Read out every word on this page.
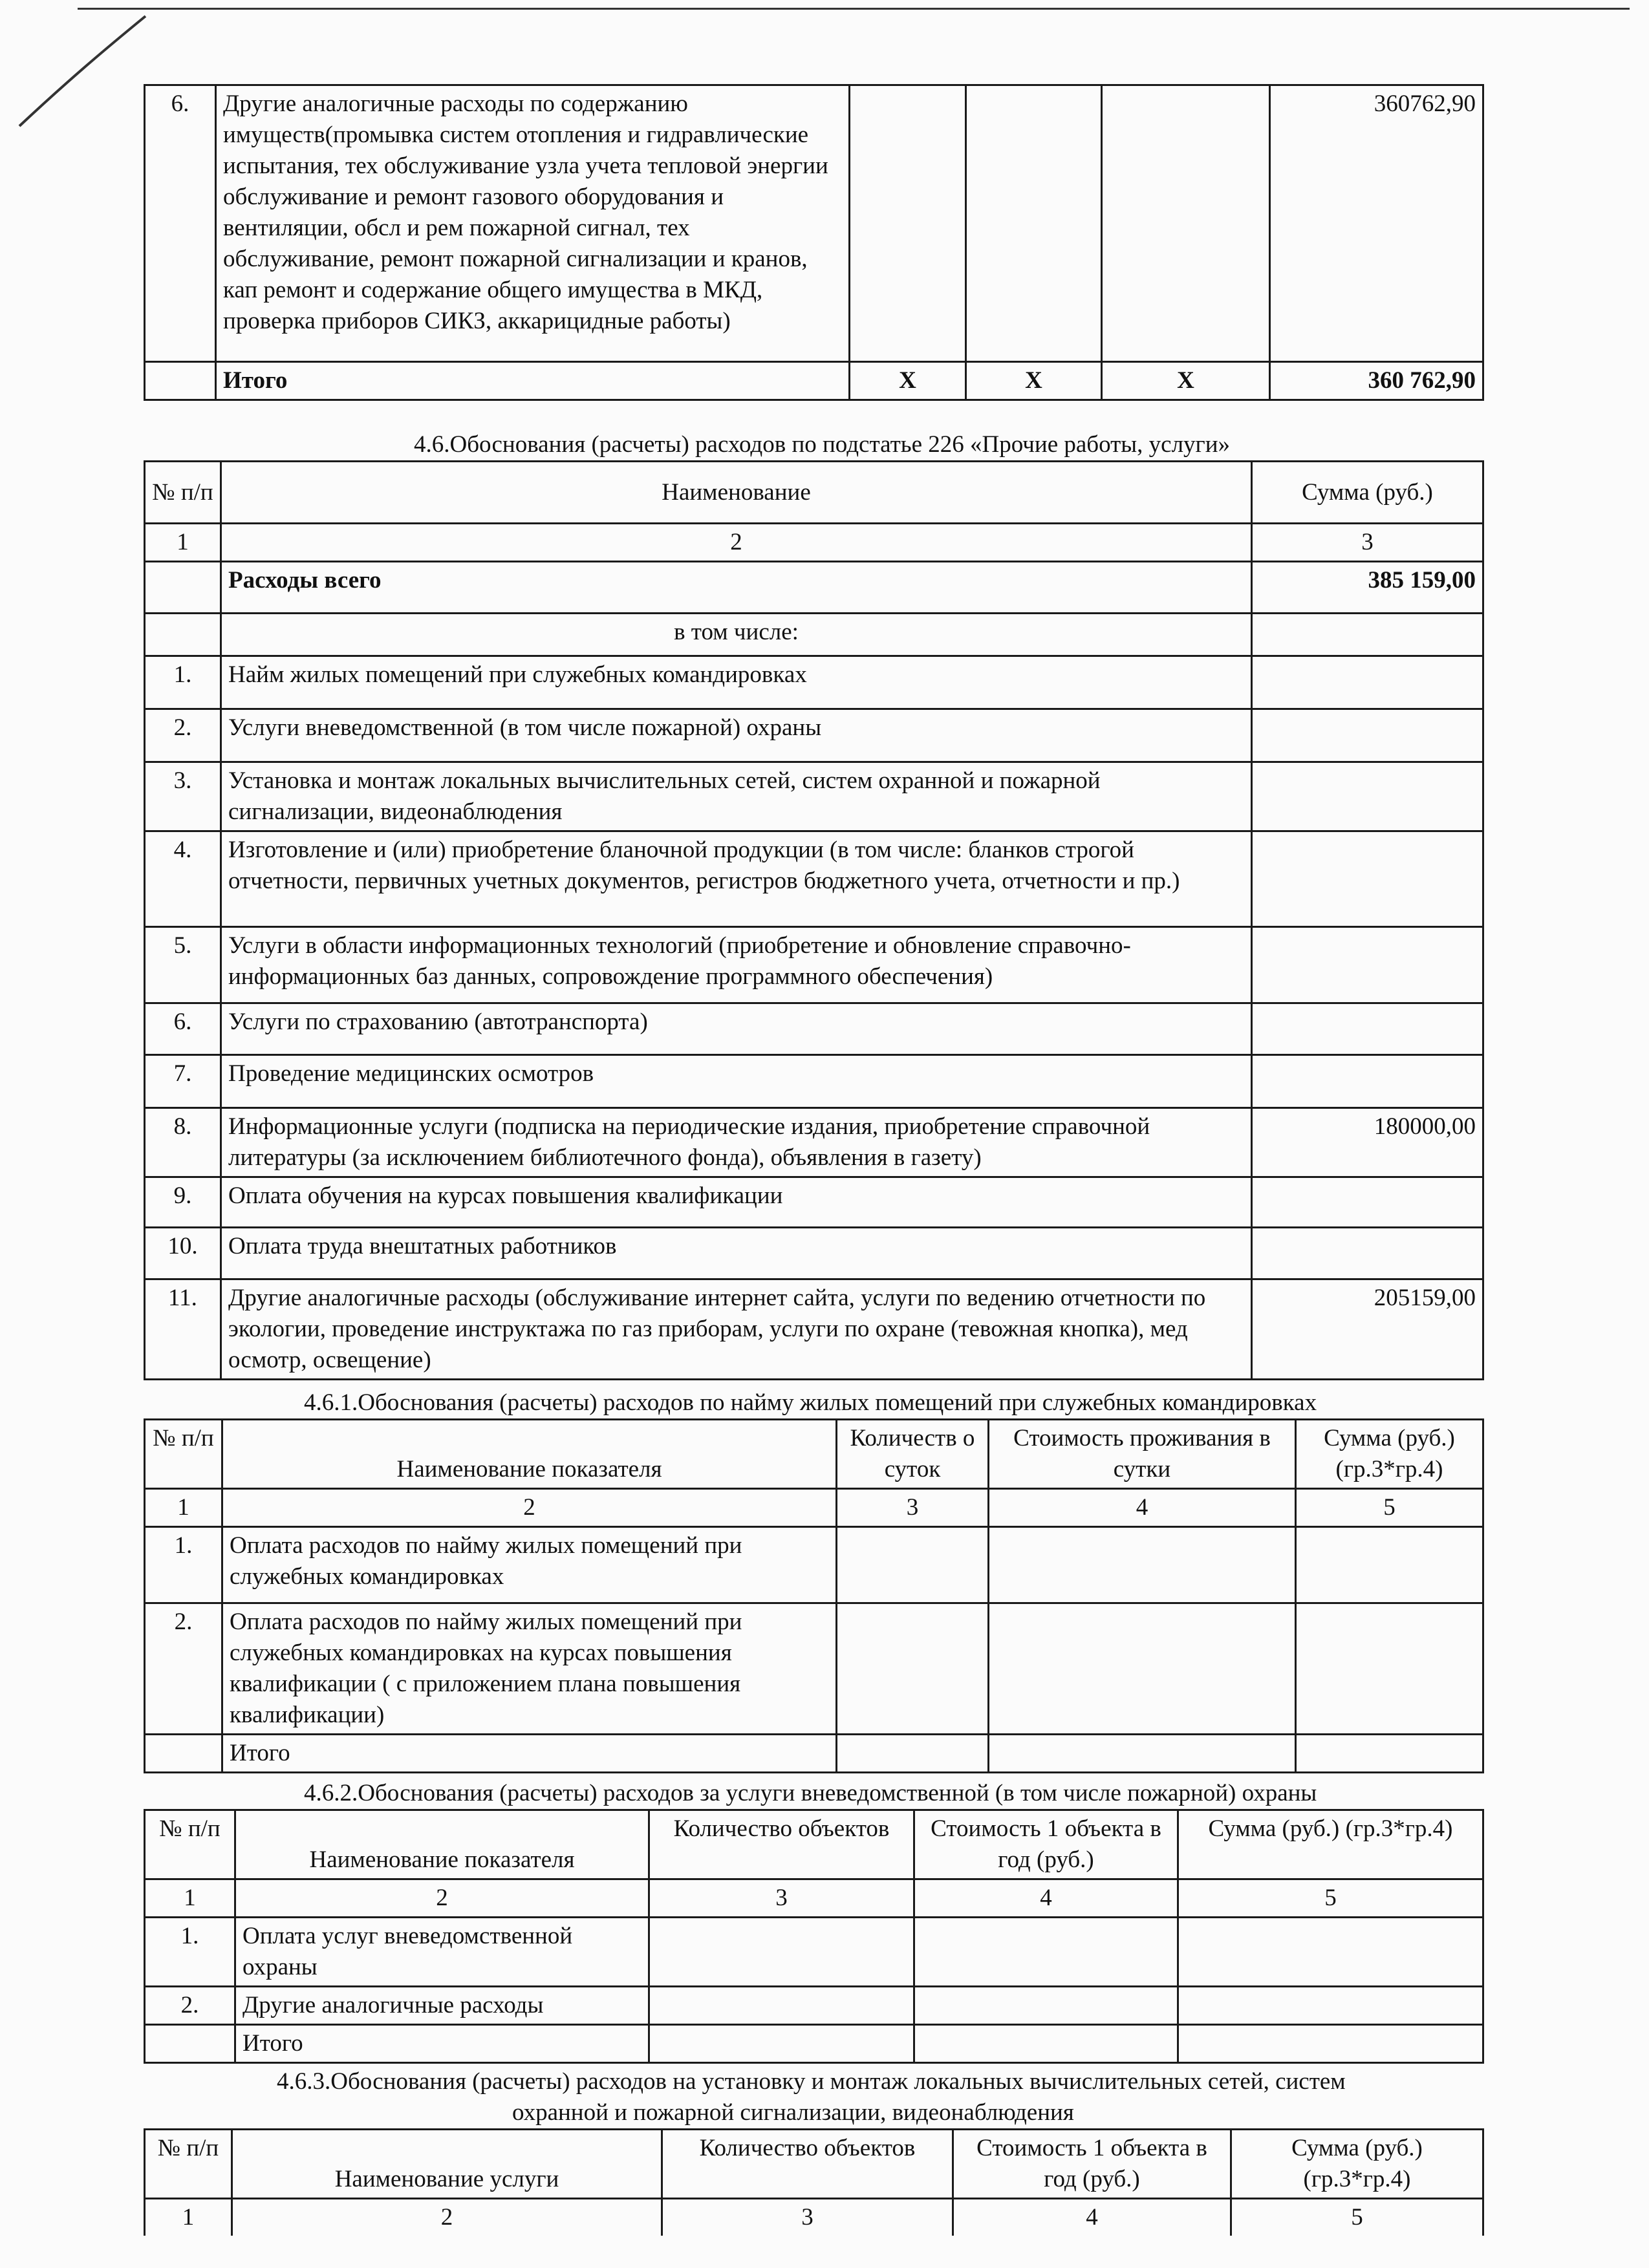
6.	Другие аналогичные расходы по содержанию имуществ(промывка систем отопления и гидравлические испытания, тех обслуживание узла учета тепловой энергии обслуживание и ремонт газового оборудования и вентиляции, обсл и рем пожарной сигнал, тех обслуживание, ремонт пожарной сигнализации и кранов, кап ремонт и содержание общего имущества в МКД, проверка приборов СИКЗ, аккарицидные работы)				360762,90
	Итого	Х	Х	Х	360 762,90
4.6.Обоснования (расчеты) расходов по подстатье 226 «Прочие работы, услуги»
№ п/п	Наименование	Сумма (руб.)
1	2	3
	Расходы всего	385 159,00
	в том числе:	
1.	Найм жилых помещений при служебных командировках	
2.	Услуги вневедомственной (в том числе пожарной) охраны	
3.	Установка и монтаж локальных вычислительных сетей, систем охранной и пожарной сигнализации, видеонаблюдения	
4.	Изготовление и (или) приобретение бланочной продукции (в том числе: бланков строгой отчетности, первичных учетных документов, регистров бюджетного учета, отчетности и пр.)	
5.	Услуги в области информационных технологий (приобретение и обновление справочно-информационных баз данных, сопровождение программного обеспечения)	
6.	Услуги по страхованию (автотранспорта)	
7.	Проведение медицинских осмотров	
8.	Информационные услуги (подписка на периодические издания, приобретение справочной литературы (за исключением библиотечного фонда), объявления в газету)	180000,00
9.	Оплата обучения на курсах повышения квалификации	
10.	Оплата труда внештатных работников	
11.	Другие аналогичные расходы (обслуживание интернет сайта, услуги по ведению отчетности по экологии, проведение инструктажа по газ приборам, услуги по охране (тевожная кнопка), мед осмотр, освещение)	205159,00
4.6.1.Обоснования (расчеты) расходов по найму жилых помещений при служебных командировках
№ п/п	Наименование показателя	Количеств о суток	Стоимость проживания в сутки	Сумма (руб.) (гр.3*гр.4)
1	2	3	4	5
1.	Оплата расходов по найму жилых помещений при служебных командировках			
2.	Оплата расходов по найму жилых помещений при служебных командировках на курсах повышения квалификации ( с приложением плана повышения квалификации)			
	Итого			
4.6.2.Обоснования (расчеты) расходов за услуги вневедомственной (в том числе пожарной) охраны
№ п/п	Наименование показателя	Количество объектов	Стоимость 1 объекта в год (руб.)	Сумма (руб.) (гр.3*гр.4)
1	2	3	4	5
1.	Оплата услуг вневедомственной охраны			
2.	Другие аналогичные расходы			
	Итого			
4.6.3.Обоснования (расчеты) расходов на установку и монтаж локальных вычислительных сетей, систем
охранной и пожарной сигнализации, видеонаблюдения
№ п/п	Наименование услуги	Количество объектов	Стоимость 1 объекта в год (руб.)	Сумма (руб.) (гр.3*гр.4)
1	2	3	4	5
